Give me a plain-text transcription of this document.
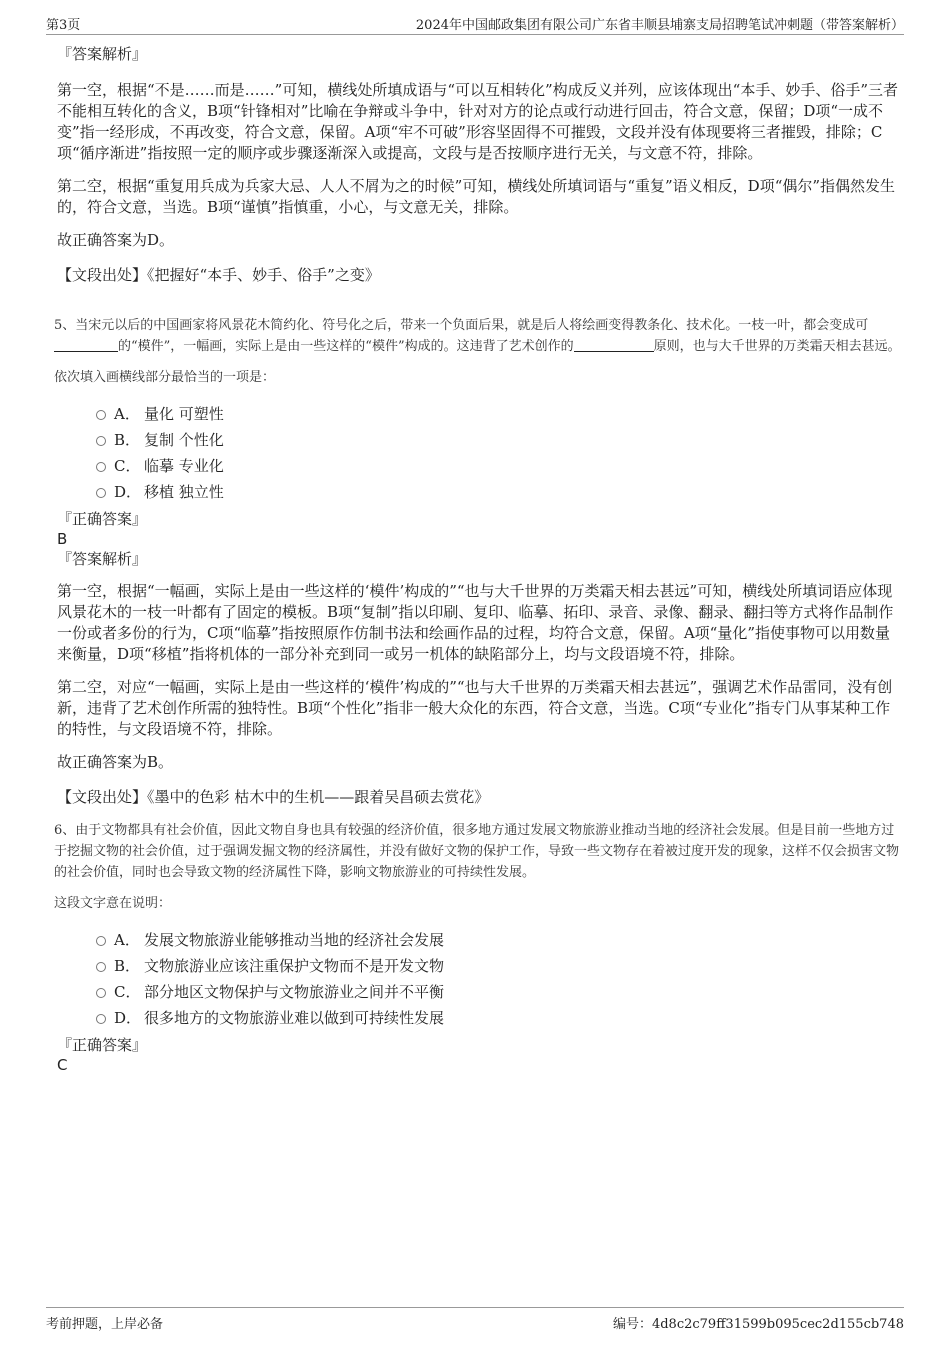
第3页	2024年中国邮政集团有限公司广东省丰顺县埔寨支局招聘笔试冲刺题（带答案解析）
『答案解析』
第一空，根据“不是……而是……”可知，横线处所填成语与“可以互相转化”构成反义并列，应该体现出“本手、妙手、俗手”三者不能相互转化的含义，B项“针锋相对”比喻在争辩或斗争中，针对对方的论点或行动进行回击，符合文意，保留；D项“一成不变”指一经形成，不再改变，符合文意，保留。A项“牢不可破”形容坚固得不可摧毁，文段并没有体现要将三者摧毁，排除；C项“循序渐进”指按照一定的顺序或步骤逐渐深入或提高，文段与是否按顺序进行无关，与文意不符，排除。
第二空，根据“重复用兵成为兵家大忌、人人不屑为之的时候”可知，横线处所填词语与“重复”语义相反，D项“偶尔”指偶然发生的，符合文意，当选。B项“谨慎”指慎重，小心，与文意无关，排除。
故正确答案为D。
【文段出处】《把握好“本手、妙手、俗手”之变》

5、当宋元以后的中国画家将风景花木简约化、符号化之后，带来一个负面后果，就是后人将绘画变得教条化、技术化。一枝一叶，都会变成可的“模件”，一幅画，实际上是由一些这样的“模件”构成的。这违背了艺术创作的	原则，也与大千世界的万类霜天相去甚远。

依次填入画横线部分最恰当的一项是：

A． 量化 可塑性
B． 复制 个性化
C． 临摹 专业化
D． 移植 独立性
『正确答案』
B
『答案解析』
第一空，根据“一幅画，实际上是由一些这样的‘模件’构成的”“也与大千世界的万类霜天相去甚远”可知，横线处所填词语应体现风景花木的一枝一叶都有了固定的模板。B项“复制”指以印刷、复印、临摹、拓印、录音、录像、翻录、翻扫等方式将作品制作一份或者多份的行为，C项“临摹”指按照原作仿制书法和绘画作品的过程，均符合文意，保留。A项“量化”指使事物可以用数量来衡量，D项“移植”指将机体的一部分补充到同一或另一机体的缺陷部分上，均与文段语境不符，排除。
第二空，对应“一幅画，实际上是由一些这样的‘模件’构成的”“也与大千世界的万类霜天相去甚远”，强调艺术作品雷同，没有创新，违背了艺术创作所需的独特性。B项“个性化”指非一般大众化的东西，符合文意，当选。C项“专业化”指专门从事某种工作的特性，与文段语境不符，排除。
故正确答案为B。
【文段出处】《墨中的色彩 枯木中的生机——跟着吴昌硕去赏花》

6、由于文物都具有社会价值，因此文物自身也具有较强的经济价值，很多地方通过发展文物旅游业推动当地的经济社会发展。但是目前一些地方过于挖掘文物的社会价值，过于强调发掘文物的经济属性，并没有做好文物的保护工作，导致一些文物存在着被过度开发的现象，这样不仅会损害文物的社会价值，同时也会导致文物的经济属性下降，影响文物旅游业的可持续性发展。

这段文字意在说明：

A． 发展文物旅游业能够推动当地的经济社会发展
B． 文物旅游业应该注重保护文物而不是开发文物
C． 部分地区文物保护与文物旅游业之间并不平衡
D． 很多地方的文物旅游业难以做到可持续性发展
『正确答案』
C
考前押题，上岸必备	编号：4d8c2c79ff31599b095cec2d155cb748
